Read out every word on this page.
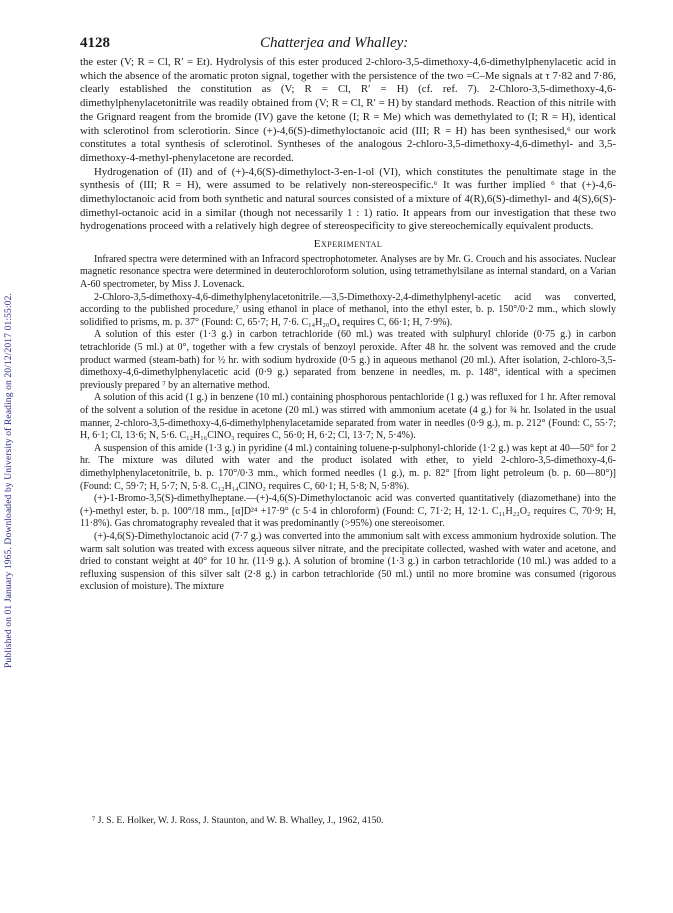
Published on 01 January 1965. Downloaded by University of Reading on 20/12/2017 01:55:02.
4128	Chatterjea and Whalley:

the ester (V; R = Cl, R′ = Et). Hydrolysis of this ester produced 2-chloro-3,5-dimethoxy-4,6-dimethylphenylacetic acid in which the absence of the aromatic proton signal, together with the persistence of the two =C–Me signals at τ 7·82 and 7·86, clearly established the constitution as (V; R = Cl, R′ = H) (cf. ref. 7). 2-Chloro-3,5-dimethoxy-4,6-dimethylphenylacetonitrile was readily obtained from (V; R = Cl, R′ = H) by standard methods. Reaction of this nitrile with the Grignard reagent from the bromide (IV) gave the ketone (I; R = Me) which was demethylated to (I; R = H), identical with sclerotinol from sclerotiorin. Since (+)-4,6(S)-dimethyloctanoic acid (III; R = H) has been synthesised,⁶ our work constitutes a total synthesis of sclerotinol. Syntheses of the analogous 2-chloro-3,5-dimethoxy-4,6-dimethyl- and 3,5-dimethoxy-4-methyl-phenylacetone are recorded.

Hydrogenation of (II) and of (+)-4,6(S)-dimethyloct-3-en-1-ol (VI), which constitutes the penultimate stage in the synthesis of (III; R = H), were assumed to be relatively non-stereospecific.⁶ It was further implied ⁶ that (+)-4,6-dimethyloctanoic acid from both synthetic and natural sources consisted of a mixture of 4(R),6(S)-dimethyl- and 4(S),6(S)-dimethyl-octanoic acid in a similar (though not necessarily 1 : 1) ratio. It appears from our investigation that these two hydrogenations proceed with a relatively high degree of stereospecificity to give stereochemically equivalent products.

Experimental

Infrared spectra were determined with an Infracord spectrophotometer. Analyses are by Mr. G. Crouch and his associates. Nuclear magnetic resonance spectra were determined in deuterochloroform solution, using tetramethylsilane as internal standard, on a Varian A-60 spectrometer, by Miss J. Lovenack.

2-Chloro-3,5-dimethoxy-4,6-dimethylphenylacetonitrile.—3,5-Dimethoxy-2,4-dimethylphenyl-acetic acid was converted, according to the published procedure,⁷ using ethanol in place of methanol, into the ethyl ester, b. p. 150°/0·2 mm., which slowly solidified to prisms, m. p. 37° (Found: C, 65·7; H, 7·6. C₁₄H₂₀O₄ requires C, 66·1; H, 7·9%).

A solution of this ester (1·3 g.) in carbon tetrachloride (60 ml.) was treated with sulphuryl chloride (0·75 g.) in carbon tetrachloride (5 ml.) at 0°, together with a few crystals of benzoyl peroxide. After 48 hr. the solvent was removed and the crude product warmed (steam-bath) for ½ hr. with sodium hydroxide (0·5 g.) in aqueous methanol (20 ml.). After isolation, 2-chloro-3,5-dimethoxy-4,6-dimethylphenylacetic acid (0·9 g.) separated from benzene in needles, m. p. 148°, identical with a specimen previously prepared ⁷ by an alternative method.

A solution of this acid (1 g.) in benzene (10 ml.) containing phosphorous pentachloride (1 g.) was refluxed for 1 hr. After removal of the solvent a solution of the residue in acetone (20 ml.) was stirred with ammonium acetate (4 g.) for ¾ hr. Isolated in the usual manner, 2-chloro-3,5-dimethoxy-4,6-dimethylphenylacetamide separated from water in needles (0·9 g.), m. p. 212° (Found: C, 55·7; H, 6·1; Cl, 13·6; N, 5·6. C₁₂H₁₆ClNO₃ requires C, 56·0; H, 6·2; Cl, 13·7; N, 5·4%).

A suspension of this amide (1·3 g.) in pyridine (4 ml.) containing toluene-p-sulphonyl-chloride (1·2 g.) was kept at 40—50° for 2 hr. The mixture was diluted with water and the product isolated with ether, to yield 2-chloro-3,5-dimethoxy-4,6-dimethylphenylacetonitrile, b. p. 170°/0·3 mm., which formed needles (1 g.), m. p. 82° [from light petroleum (b. p. 60—80°)] (Found: C, 59·7; H, 5·7; N, 5·8. C₁₂H₁₄ClNO₂ requires C, 60·1; H, 5·8; N, 5·8%).

(+)-1-Bromo-3,5(S)-dimethylheptane.—(+)-4,6(S)-Dimethyloctanoic acid was converted quantitatively (diazomethane) into the (+)-methyl ester, b. p. 100°/18 mm., [α]D²⁴ +17·9° (c 5·4 in chloroform) (Found: C, 71·2; H, 12·1. C₁₁H₂₂O₂ requires C, 70·9; H, 11·8%). Gas chromatography revealed that it was predominantly (>95%) one stereoisomer.

(+)-4,6(S)-Dimethyloctanoic acid (7·7 g.) was converted into the ammonium salt with excess ammonium hydroxide solution. The warm salt solution was treated with excess aqueous silver nitrate, and the precipitate collected, washed with water and acetone, and dried to constant weight at 40° for 10 hr. (11·9 g.). A solution of bromine (1·3 g.) in carbon tetrachloride (10 ml.) was added to a refluxing suspension of this silver salt (2·8 g.) in carbon tetrachloride (50 ml.) until no more bromine was consumed (rigorous exclusion of moisture). The mixture

⁷ J. S. E. Holker, W. J. Ross, J. Staunton, and W. B. Whalley, J., 1962, 4150.
